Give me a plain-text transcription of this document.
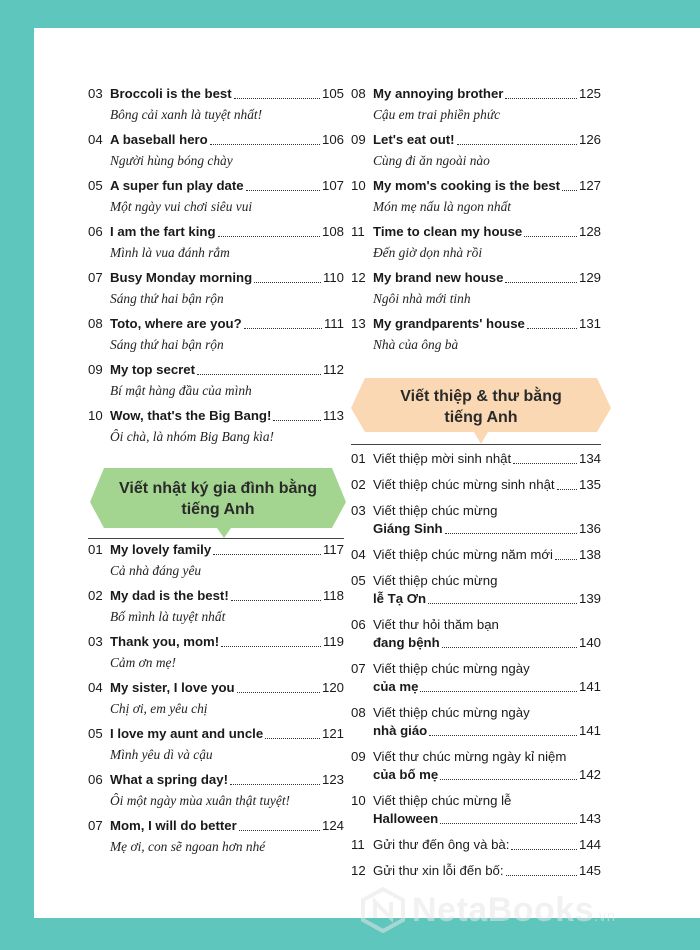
03 Broccoli is the best	105
Bông cải xanh là tuyệt nhất!
04 A baseball hero	106
Người hùng bóng chày
05 A super fun play date	107
Một ngày vui chơi siêu vui
06 I am the fart king	108
Mình là vua đánh rắm
07 Busy Monday morning	110
Sáng thứ hai bận rộn
08 Toto, where are you?	111
Sáng thứ hai bận rộn
09 My top secret	112
Bí mật hàng đầu của mình
10 Wow, that's the Big Bang!	113
Ôi chà, là nhóm Big Bang kìa!
Viết nhật ký gia đình bằng
tiếng Anh
01 My lovely family	117
Cả nhà đáng yêu
02 My dad is the best!	118
Bố mình là tuyệt nhất
03 Thank you, mom!	119
Cảm ơn mẹ!
04 My sister, I love you	120
Chị ơi, em yêu chị
05 I love my aunt and uncle	121
Mình yêu dì và cậu
06 What a spring day!	123
Ôi một ngày mùa xuân thật tuyệt!
07 Mom, I will do better	124
Mẹ ơi, con sẽ ngoan hơn nhé
08 My annoying brother	125
Cậu em trai phiền phức
09 Let's eat out!	126
Cùng đi ăn ngoài nào
10 My mom's cooking is the best 127
Món mẹ nấu là ngon nhất
11 Time to clean my house	128
Đến giờ dọn nhà rồi
12 My brand new house	129
Ngôi nhà mới tinh
13 My grandparents' house	131
Nhà của ông bà
Viết thiệp & thư bằng
tiếng Anh
01 Viết thiệp mời sinh nhật	134
02 Viết thiệp chúc mừng sinh nhật 135
03 Viết thiệp chúc mừng
Giáng Sinh	136
04 Viết thiệp chúc mừng năm mới 138
05 Viết thiệp chúc mừng
lễ Tạ Ơn	139
06 Viết thư hỏi thăm bạn
đang bệnh	140
07 Viết thiệp chúc mừng ngày
của mẹ	141
08 Viết thiệp chúc mừng ngày
nhà giáo	141
09 Viết thư chúc mừng ngày kỉ niệm
của bố mẹ	142
10 Viết thiệp chúc mừng lễ
Halloween	143
11 Gửi thư đến ông và bà:	144
12 Gửi thư xin lỗi đến bố:	145
NetaBooks.vn
